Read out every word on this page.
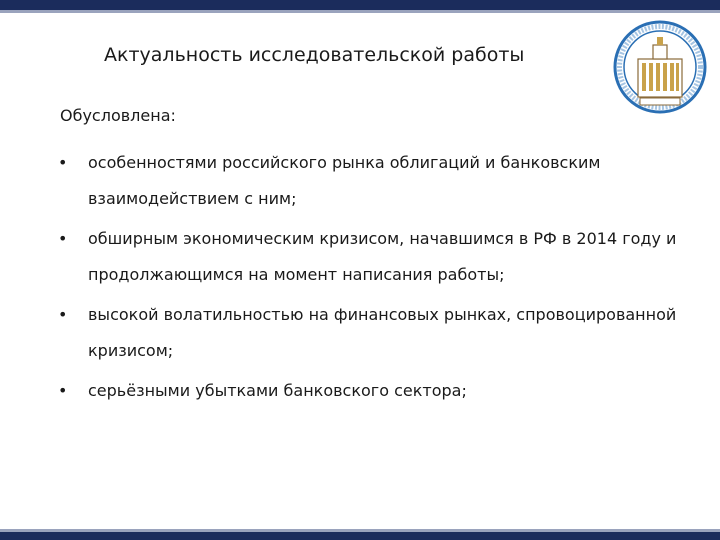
Актуальность исследовательской работы
Обусловлена:
• особенностями российского рынка облигаций и банковским взаимодействием с ним;
• обширным экономическим кризисом, начавшимся в РФ в 2014 году и продолжающимся на момент написания работы;
• высокой волатильностью на финансовых рынках, спровоцированной кризисом;
• серьёзными убытками банковского сектора;
